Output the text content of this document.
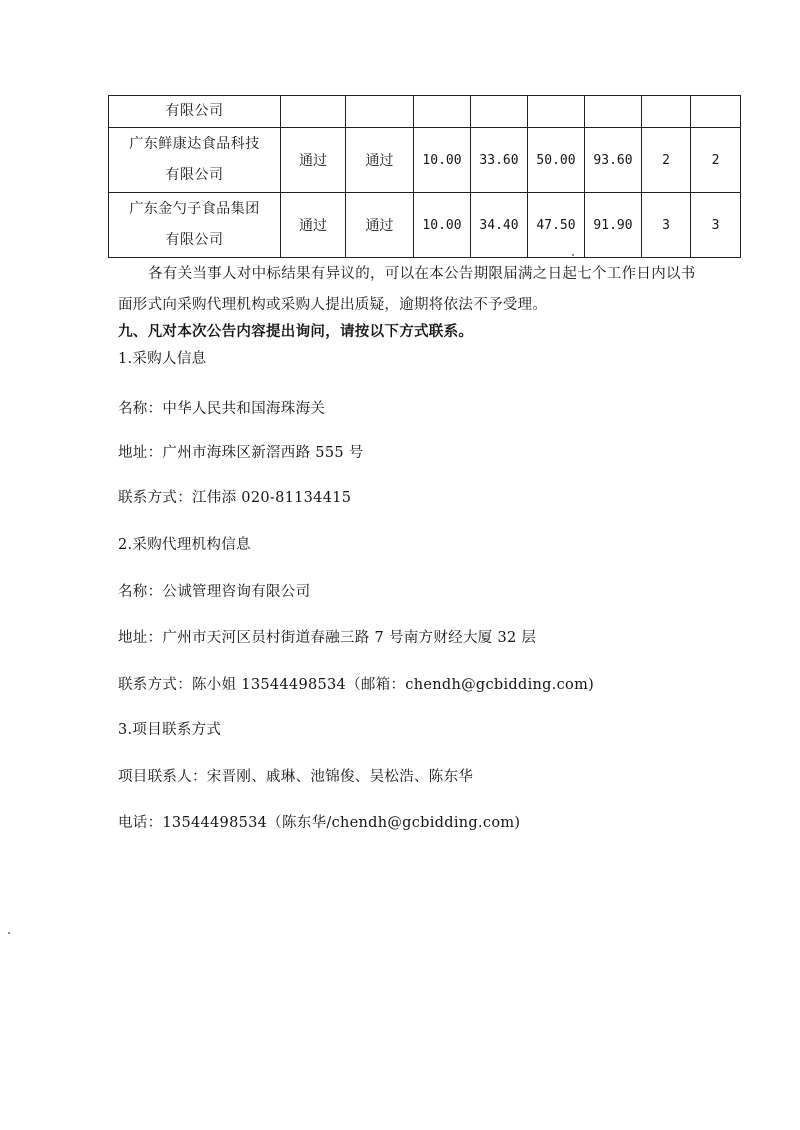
有限公司								

广东鲜康达食品科技
有限公司	通过	通过	10.00	33.60	50.00	93.60	2	2

广东金勺子食品集团
有限公司	通过	通过	10.00	34.40	47.50	91.90	3	3
各有关当事人对中标结果有异议的，可以在本公告期限届满之日起七个工作日内以书
面形式向采购代理机构或采购人提出质疑，逾期将依法不予受理。
九、凡对本次公告内容提出询问，请按以下方式联系。
1.采购人信息
名称：中华人民共和国海珠海关
地址：广州市海珠区新滘西路 555 号
联系方式：江伟添 020-81134415
2.采购代理机构信息
名称：公诚管理咨询有限公司
地址：广州市天河区员村街道春融三路 7 号南方财经大厦 32 层
联系方式：陈小姐 13544498534（邮箱：chendh@gcbidding.com)
3.项目联系方式
项目联系人：宋晋刚、戚琳、池锦俊、吴松浩、陈东华
电话：13544498534（陈东华/chendh@gcbidding.com)
